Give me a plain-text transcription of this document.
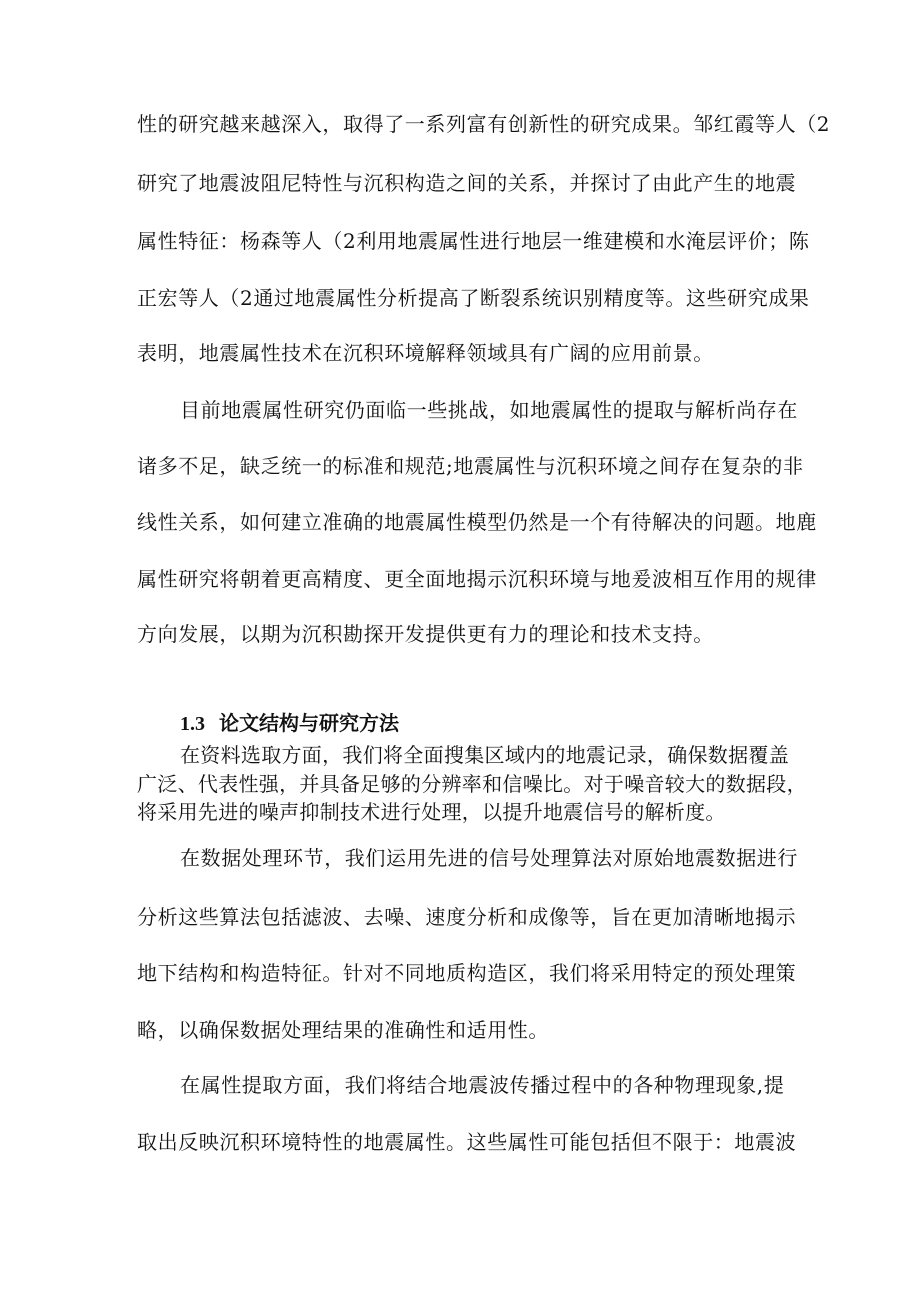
性的研究越来越深入，取得了一系列富有创新性的研究成果。邹红霞等人（2

研究了地震波阻尼特性与沉积构造之间的关系，并探讨了由此产生的地震

属性特征：杨森等人（2利用地震属性进行地层一维建模和水淹层评价；陈

正宏等人（2通过地震属性分析提高了断裂系统识别精度等。这些研究成果

表明，地震属性技术在沉积环境解释领域具有广阔的应用前景。

目前地震属性研究仍面临一些挑战，如地震属性的提取与解析尚存在

诸多不足，缺乏统一的标准和规范;地震属性与沉积环境之间存在复杂的非

线性关系，如何建立准确的地震属性模型仍然是一个有待解决的问题。地鹿

属性研究将朝着更高精度、更全面地揭示沉积环境与地爰波相互作用的规律

方向发展，以期为沉积勘探开发提供更有力的理论和技术支持。

1.3 论文结构与研究方法

在资料选取方面，我们将全面搜集区域内的地震记录，确保数据覆盖

广泛、代表性强，并具备足够的分辨率和信噪比。对于噪音较大的数据段，

将采用先进的噪声抑制技术进行处理，以提升地震信号的解析度。

在数据处理环节，我们运用先进的信号处理算法对原始地震数据进行

分析这些算法包括滤波、去噪、速度分析和成像等，旨在更加清晰地揭示

地下结构和构造特征。针对不同地质构造区，我们将采用特定的预处理策

略，以确保数据处理结果的准确性和适用性。

在属性提取方面，我们将结合地震波传播过程中的各种物理现象,提

取出反映沉积环境特性的地震属性。这些属性可能包括但不限于：地震波
